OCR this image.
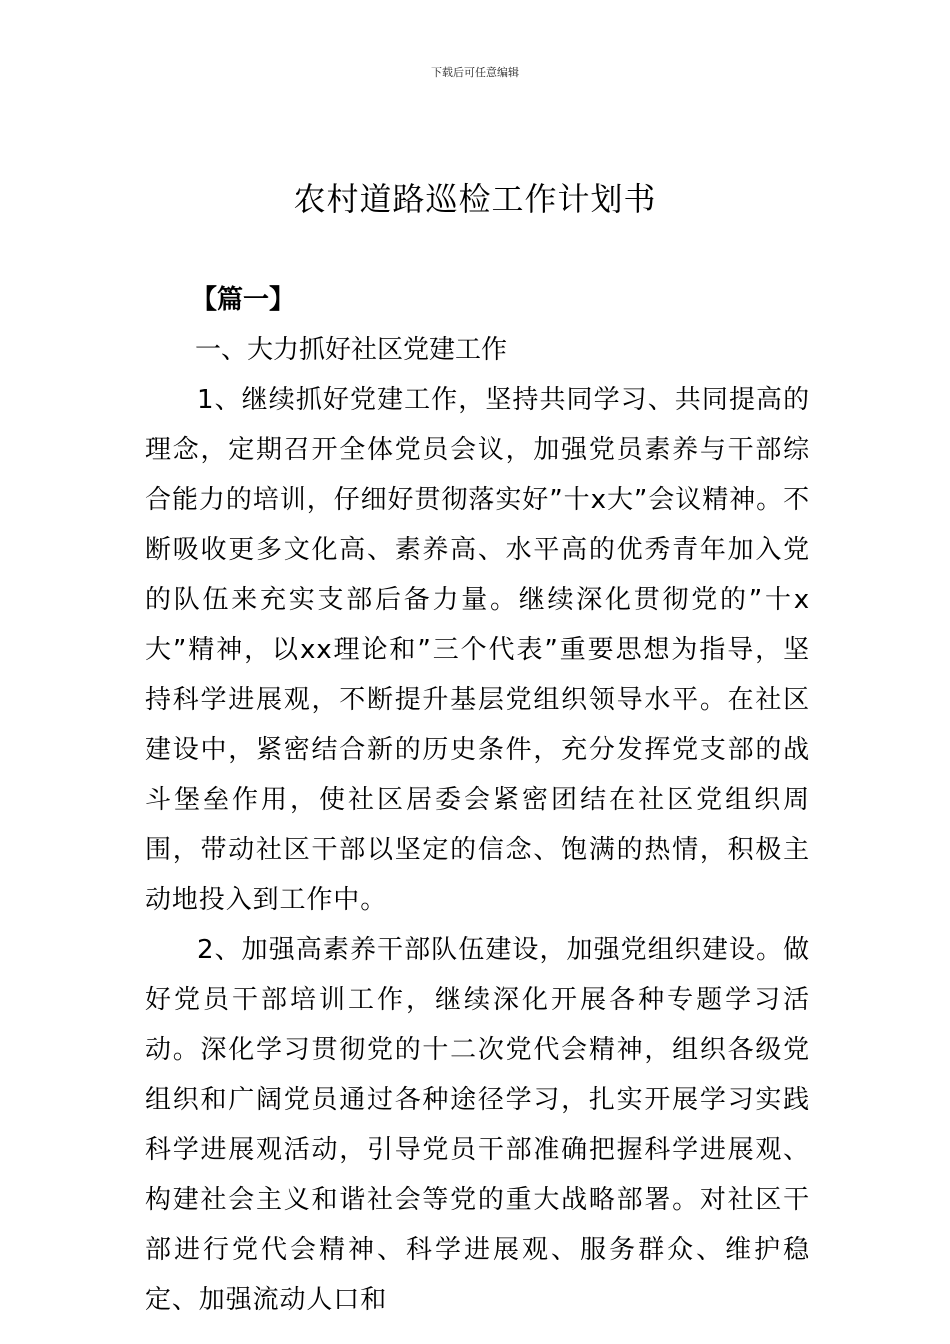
下载后可任意编辑
农村道路巡检工作计划书

【篇一】

一、大力抓好社区党建工作

1、继续抓好党建工作，坚持共同学习、共同提高的理念，定期召开全体党员会议，加强党员素养与干部综合能力的培训，仔细好贯彻落实好”十x大”会议精神。不断吸收更多文化高、素养高、水平高的优秀青年加入党的队伍来充实支部后备力量。继续深化贯彻党的”十x大”精神，以xx理论和”三个代表”重要思想为指导，坚持科学进展观，不断提升基层党组织领导水平。在社区建设中，紧密结合新的历史条件，充分发挥党支部的战斗堡垒作用，使社区居委会紧密团结在社区党组织周围，带动社区干部以坚定的信念、饱满的热情，积极主动地投入到工作中。

2、加强高素养干部队伍建设，加强党组织建设。做好党员干部培训工作，继续深化开展各种专题学习活动。深化学习贯彻党的十二次党代会精神，组织各级党组织和广阔党员通过各种途径学习，扎实开展学习实践科学进展观活动，引导党员干部准确把握科学进展观、构建社会主义和谐社会等党的重大战略部署。对社区干部进行党代会精神、科学进展观、服务群众、维护稳定、加强流动人口和
